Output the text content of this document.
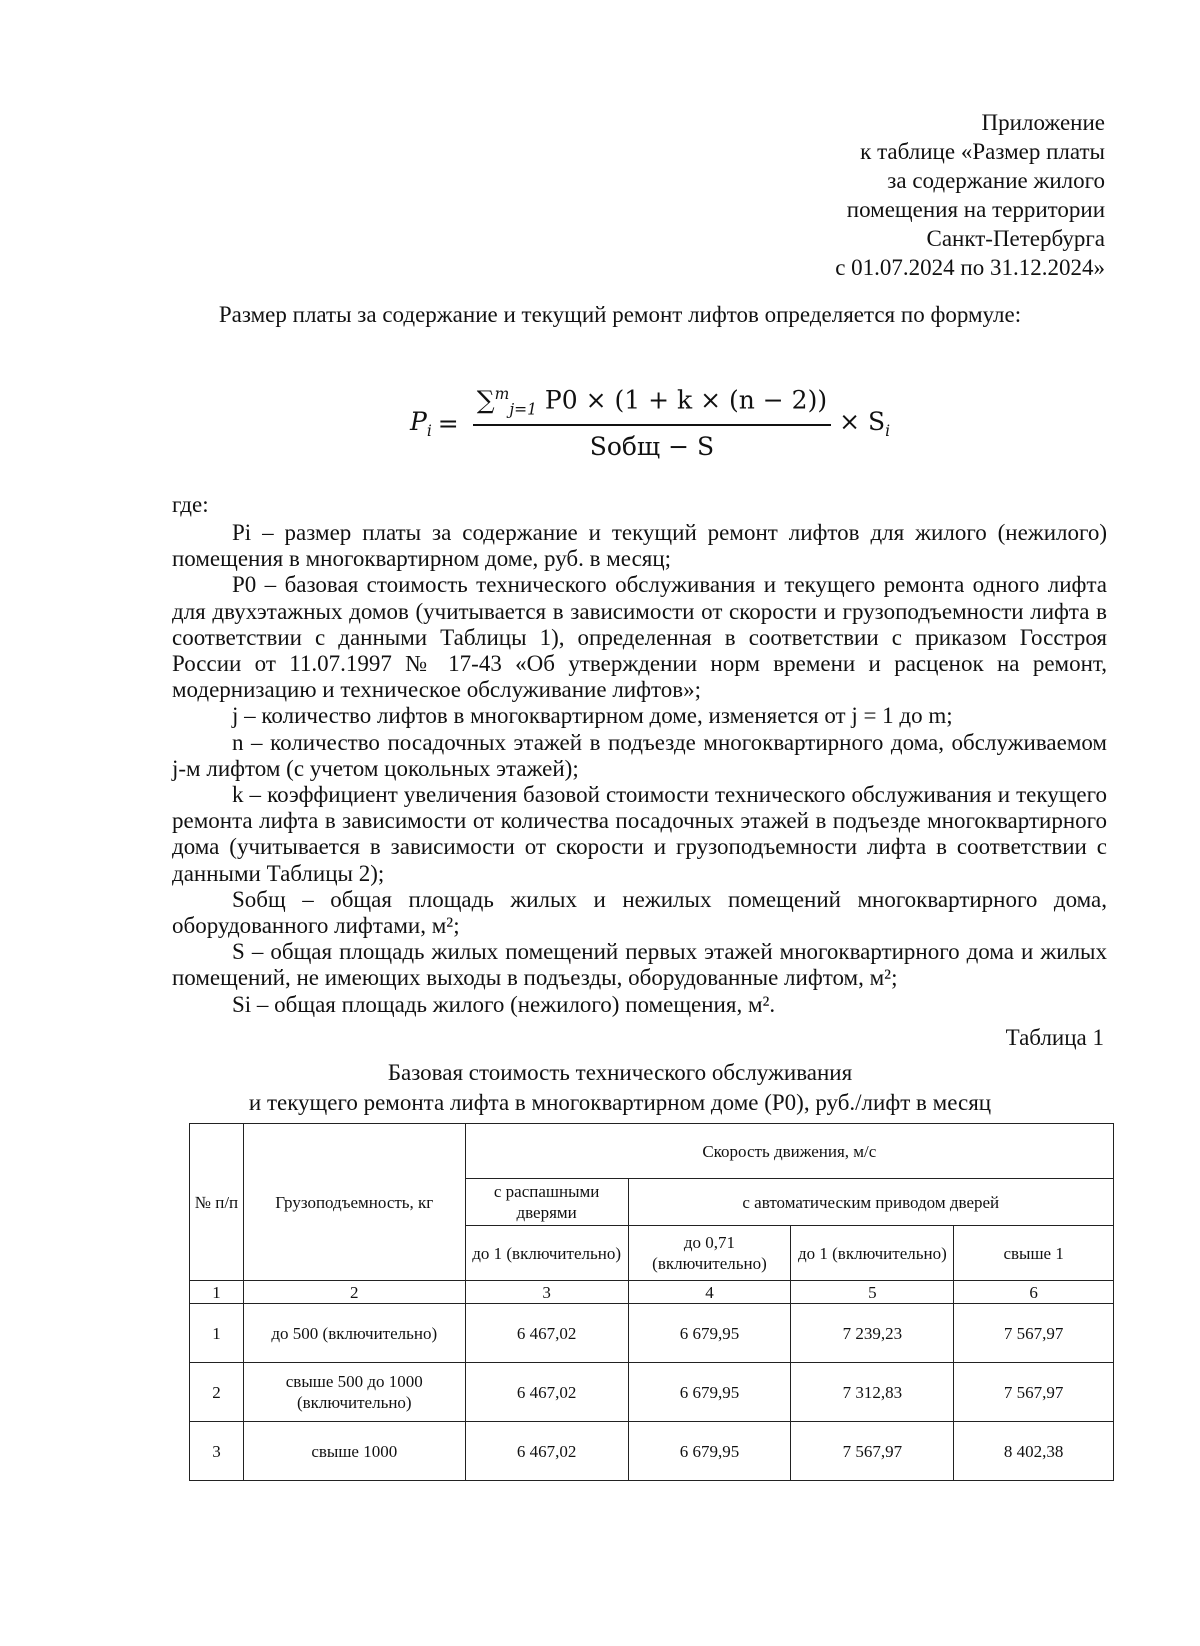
Приложение
к таблице «Размер платы
за содержание жилого
помещения на территории
Санкт-Петербурга
с 01.07.2024 по 31.12.2024»
Размер платы за содержание и текущий ремонт лифтов определяется по формуле:
$P_i = \frac{\sum^m_{j=1} P0 \times (1 + k \times (n - 2))}{\text{Sобщ − S}} \times S_i$
где:

Pi – размер платы за содержание и текущий ремонт лифтов для жилого (нежилого) помещения в многоквартирном доме, руб. в месяц;

P0 – базовая стоимость технического обслуживания и текущего ремонта одного лифта для двухэтажных домов (учитывается в зависимости от скорости и грузоподъемности лифта в соответствии с данными Таблицы 1), определенная в соответствии с приказом Госстроя России от 11.07.1997 № 17-43 «Об утверждении норм времени и расценок на ремонт, модернизацию и техническое обслуживание лифтов»;

j – количество лифтов в многоквартирном доме, изменяется от j = 1 до m;

n – количество посадочных этажей в подъезде многоквартирного дома, обслуживаемом j-м лифтом (с учетом цокольных этажей);

k – коэффициент увеличения базовой стоимости технического обслуживания и текущего ремонта лифта в зависимости от количества посадочных этажей в подъезде многоквартирного дома (учитывается в зависимости от скорости и грузоподъемности лифта в соответствии с данными Таблицы 2);

Sобщ – общая площадь жилых и нежилых помещений многоквартирного дома, оборудованного лифтами, м²;

S – общая площадь жилых помещений первых этажей многоквартирного дома и жилых помещений, не имеющих выходы в подъезды, оборудованные лифтом, м²;

Si – общая площадь жилого (нежилого) помещения, м².

Таблица 1
Базовая стоимость технического обслуживания
и текущего ремонта лифта в многоквартирном доме (P0), руб./лифт в месяц
№ п/п	Грузоподъемность, кг	Скорость движения, м/с			
		с распашными дверями	с автоматическим приводом дверей		
		до 1 (включительно)	до 0,71 (включительно)	до 1 (включительно)	свыше 1
1	2	3	4	5	6
1	до 500 (включительно)	6 467,02	6 679,95	7 239,23	7 567,97
2	свыше 500 до 1000 (включительно)	6 467,02	6 679,95	7 312,83	7 567,97
3	свыше 1000	6 467,02	6 679,95	7 567,97	8 402,38
